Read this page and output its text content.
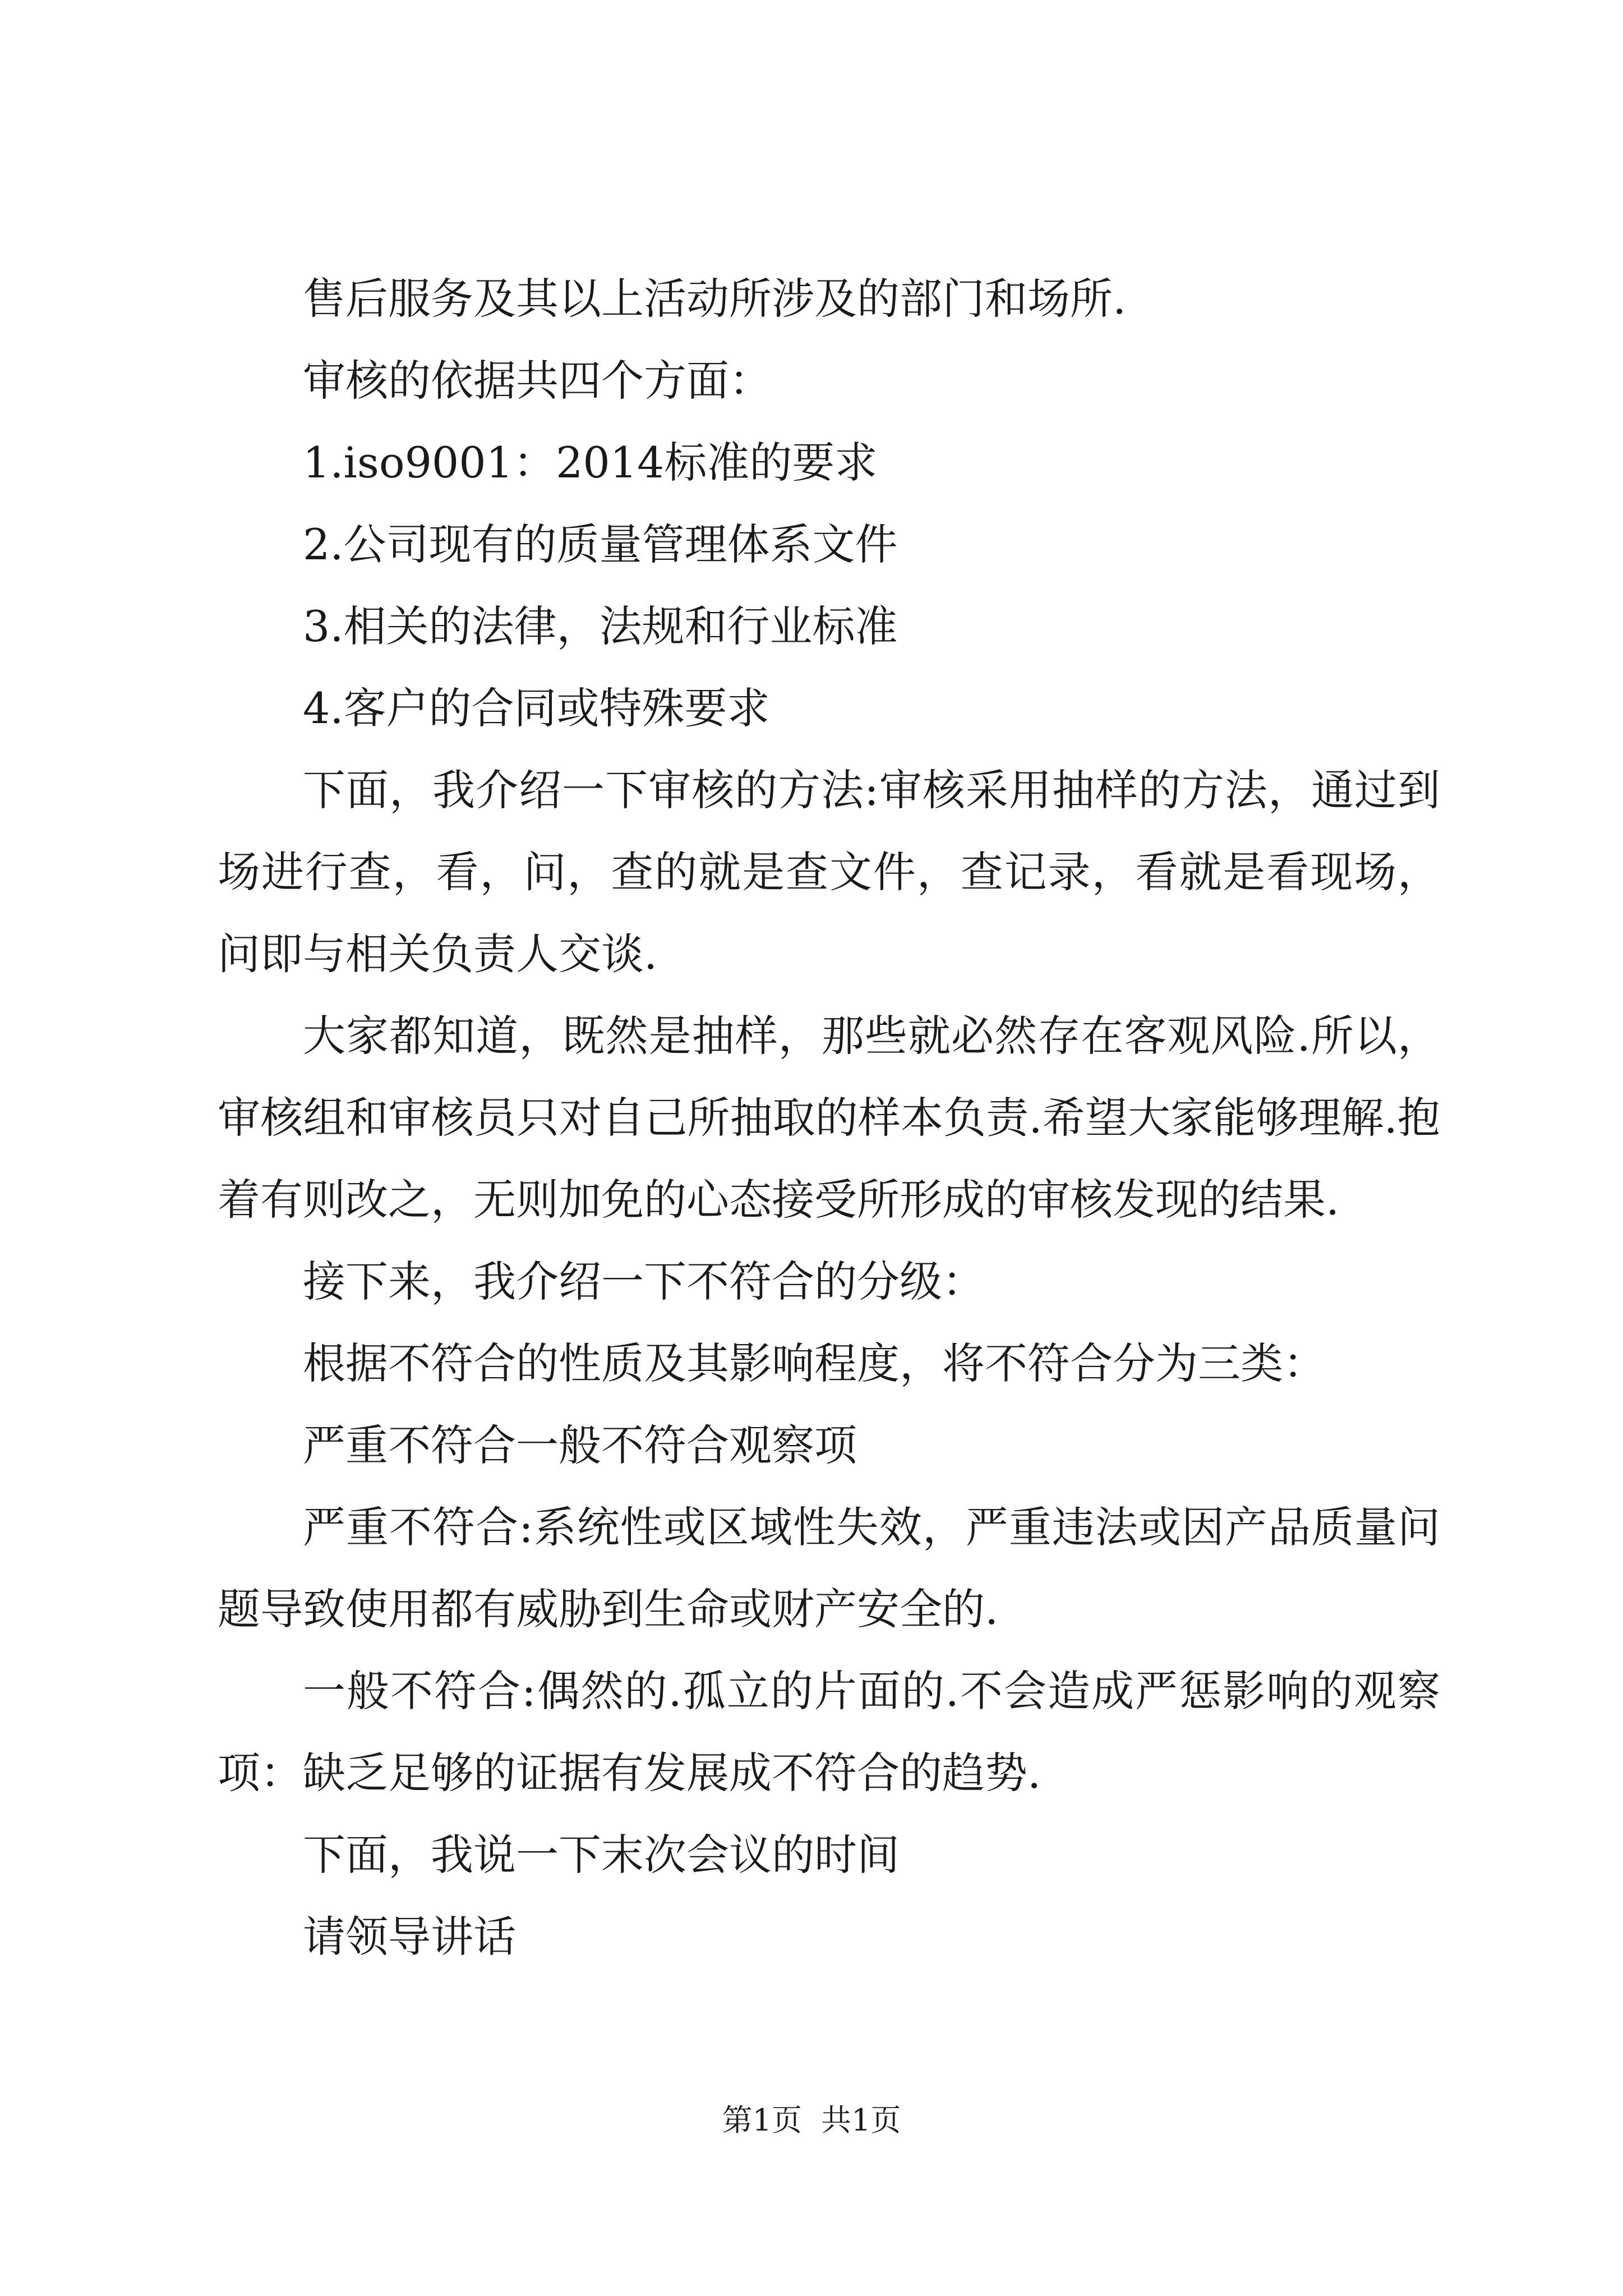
售后服务及其以上活动所涉及的部门和场所.

审核的依据共四个方面：

1.iso9001：2014标准的要求

2.公司现有的质量管理体系文件

3.相关的法律，法规和行业标准

4.客户的合同或特殊要求

下面，我介绍一下审核的方法:审核采用抽样的方法，通过到场进行查，看，问，查的就是查文件，查记录，看就是看现场，问即与相关负责人交谈.

大家都知道，既然是抽样，那些就必然存在客观风险.所以，审核组和审核员只对自己所抽取的样本负责.希望大家能够理解.抱着有则改之，无则加免的心态接受所形成的审核发现的结果.

接下来，我介绍一下不符合的分级：

根据不符合的性质及其影响程度，将不符合分为三类：

严重不符合一般不符合观察项

严重不符合:系统性或区域性失效，严重违法或因产品质量问题导致使用都有威胁到生命或财产安全的.

一般不符合:偶然的.孤立的片面的.不会造成严惩影响的观察项：缺乏足够的证据有发展成不符合的趋势.

下面，我说一下末次会议的时间

请领导讲话

第1页 共1页
